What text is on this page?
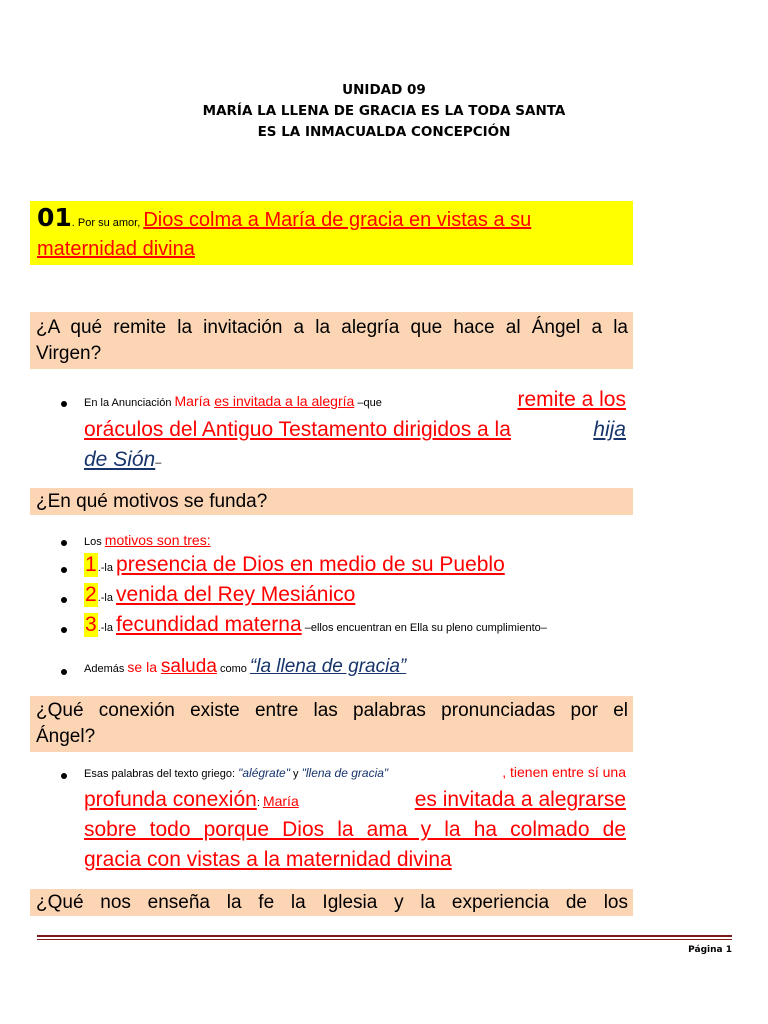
UNIDAD 09
MARÍA LA LLENA DE GRACIA ES LA TODA SANTA
ES LA INMACUALDA CONCEPCIÓN
01. Por su amor, Dios colma a María de gracia en vistas a su
maternidad divina
¿A qué remite la invitación a la alegría que hace al Ángel a la
Virgen?
En la Anunciación María es invitada a la alegría –que	remite a los
oráculos del Antiguo Testamento dirigidos a la	hija
de Sión–
¿En qué motivos se funda?
Los motivos son tres:
1.-la presencia de Dios en medio de su Pueblo
2.-la venida del Rey Mesiánico
3.-la fecundidad materna –ellos encuentran en Ella su pleno cumplimiento–
Además se la saluda como “la llena de gracia”
¿Qué conexión existe entre las palabras pronunciadas por el
Ángel?
Esas palabras del texto griego: "alégrate" y "llena de gracia"	, tienen entre sí una
profunda conexión: María	es invitada a alegrarse
sobre todo porque Dios la ama y la ha colmado de
gracia con vistas a la maternidad divina
¿Qué nos enseña la fe la Iglesia y la experiencia de los
Página 1
